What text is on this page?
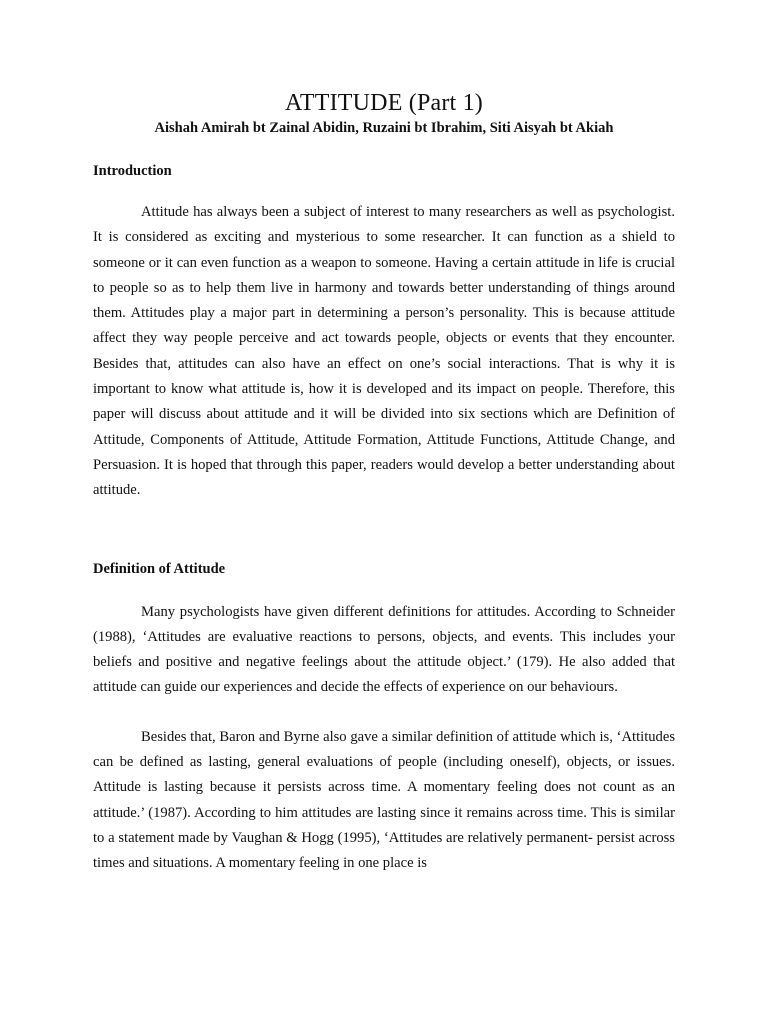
ATTITUDE (Part 1)

Aishah Amirah bt Zainal Abidin, Ruzaini bt Ibrahim, Siti Aisyah bt Akiah

Introduction

Attitude has always been a subject of interest to many researchers as well as psychologist. It is considered as exciting and mysterious to some researcher. It can function as a shield to someone or it can even function as a weapon to someone. Having a certain attitude in life is crucial to people so as to help them live in harmony and towards better understanding of things around them. Attitudes play a major part in determining a person’s personality. This is because attitude affect they way people perceive and act towards people, objects or events that they encounter. Besides that, attitudes can also have an effect on one’s social interactions. That is why it is important to know what attitude is, how it is developed and its impact on people. Therefore, this paper will discuss about attitude and it will be divided into six sections which are Definition of Attitude, Components of Attitude, Attitude Formation, Attitude Functions, Attitude Change, and Persuasion. It is hoped that through this paper, readers would develop a better understanding about attitude.

Definition of Attitude

Many psychologists have given different definitions for attitudes. According to Schneider (1988), ‘Attitudes are evaluative reactions to persons, objects, and events. This includes your beliefs and positive and negative feelings about the attitude object.’ (179). He also added that attitude can guide our experiences and decide the effects of experience on our behaviours.

Besides that, Baron and Byrne also gave a similar definition of attitude which is, ‘Attitudes can be defined as lasting, general evaluations of people (including oneself), objects, or issues. Attitude is lasting because it persists across time. A momentary feeling does not count as an attitude.’ (1987). According to him attitudes are lasting since it remains across time. This is similar to a statement made by Vaughan & Hogg (1995), ‘Attitudes are relatively permanent- persist across times and situations. A momentary feeling in one place is
